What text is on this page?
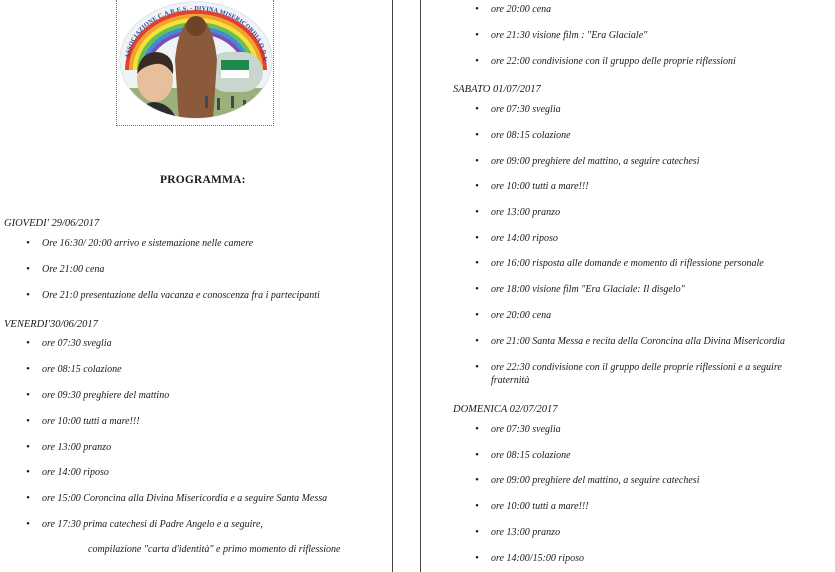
ASSOCIAZIONE C.A.R.E.S. - DIVINA MISERICORDIA O.D.V.
PROGRAMMA:
GIOVEDI' 29/06/2017
•	Ore 16:30/ 20:00 arrivo e sistemazione nelle camere
•	Ore 21:00 cena
•	Ore 21:0 presentazione della vacanza e conoscenza fra i partecipanti
VENERDI'30/06/2017
•	ore 07:30 sveglia
•	ore 08:15 colazione
•	ore 09:30 preghiere del mattino
•	ore 10:00 tutti a mare!!!
•	ore 13:00 pranzo
•	ore 14:00 riposo
•	ore 15:00 Coroncina alla Divina Misericordia e a seguire Santa Messa
•	ore 17:30 prima catechesi di Padre Angelo e a seguire,
compilazione "carta d'identità" e primo momento di riflessione
•	ore 20:00 cena
•	ore 21:30 visione film : "Era Glaciale"
•	ore 22:00 condivisione con il gruppo delle proprie riflessioni
SABATO 01/07/2017
•	ore 07:30 sveglia
•	ore 08:15 colazione
•	ore 09:00 preghiere del mattino, a seguire catechesi
•	ore 10:00 tutti a mare!!!
•	ore 13:00 pranzo
•	ore 14:00 riposo
•	ore 16:00 risposta alle domande e momento di riflessione personale
•	ore 18:00 visione film "Era Glaciale: Il disgelo"
•	ore 20:00 cena
•	ore 21:00 Santa Messa e recita della Coroncina alla Divina Misericordia
•	ore 22:30 condivisione con il gruppo delle proprie riflessioni e a seguire
fraternità
DOMENICA 02/07/2017
•	ore 07:30 sveglia
•	ore 08:15 colazione
•	ore 09:00 preghiere del mattino, a seguire catechesi
•	ore 10:00 tutti a mare!!!
•	ore 13:00 pranzo
•	ore 14:00/15:00 riposo
